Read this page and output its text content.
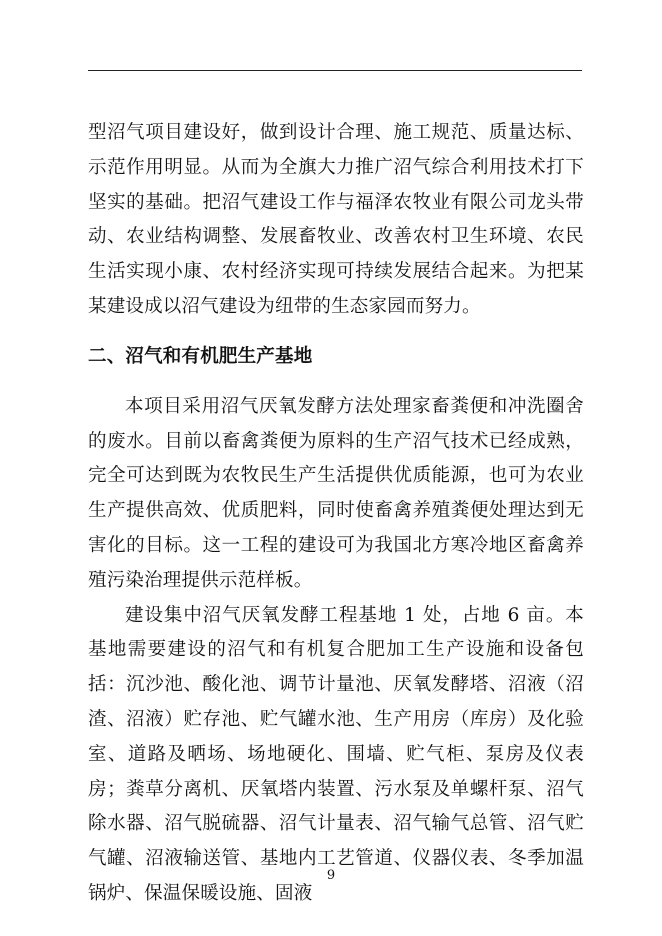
型沼气项目建设好，做到设计合理、施工规范、质量达标、示范作用明显。从而为全旗大力推广沼气综合利用技术打下坚实的基础。把沼气建设工作与福泽农牧业有限公司龙头带动、农业结构调整、发展畜牧业、改善农村卫生环境、农民生活实现小康、农村经济实现可持续发展结合起来。为把某某建设成以沼气建设为纽带的生态家园而努力。

二、沼气和有机肥生产基地

本项目采用沼气厌氧发酵方法处理家畜粪便和冲洗圈舍的废水。目前以畜禽粪便为原料的生产沼气技术已经成熟，完全可达到既为农牧民生产生活提供优质能源，也可为农业生产提供高效、优质肥料，同时使畜禽养殖粪便处理达到无害化的目标。这一工程的建设可为我国北方寒冷地区畜禽养殖污染治理提供示范样板。

建设集中沼气厌氧发酵工程基地 1 处，占地 6 亩。本基地需要建设的沼气和有机复合肥加工生产设施和设备包括：沉沙池、酸化池、调节计量池、厌氧发酵塔、沼液（沼渣、沼液）贮存池、贮气罐水池、生产用房（库房）及化验室、道路及晒场、场地硬化、围墙、贮气柜、泵房及仪表房；粪草分离机、厌氧塔内装置、污水泵及单螺杆泵、沼气除水器、沼气脱硫器、沼气计量表、沼气输气总管、沼气贮气罐、沼液输送管、基地内工艺管道、仪器仪表、冬季加温锅炉、保温保暖设施、固液

9
